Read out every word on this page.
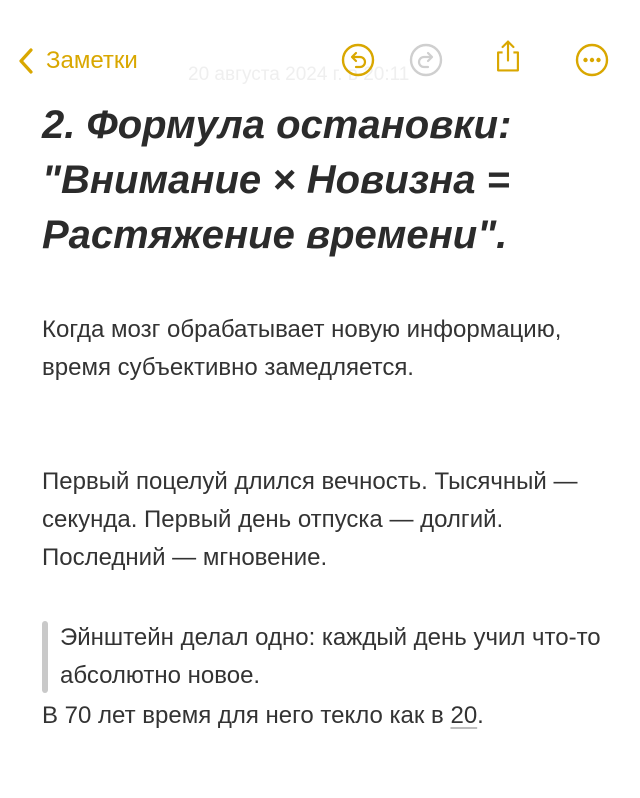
Заметки
20 августа 2024 г. в 20:11
2. Формула остановки: "Внимание × Новизна = Растяжение времени".

Когда мозг обрабатывает новую информацию, время субъективно замедляется.

Первый поцелуй длился вечность. Тысячный — секунда. Первый день отпуска — долгий. Последний — мгновение.

Эйнштейн делал одно: каждый день учил что-то абсолютно новое.

В 70 лет время для него текло как в 20.
